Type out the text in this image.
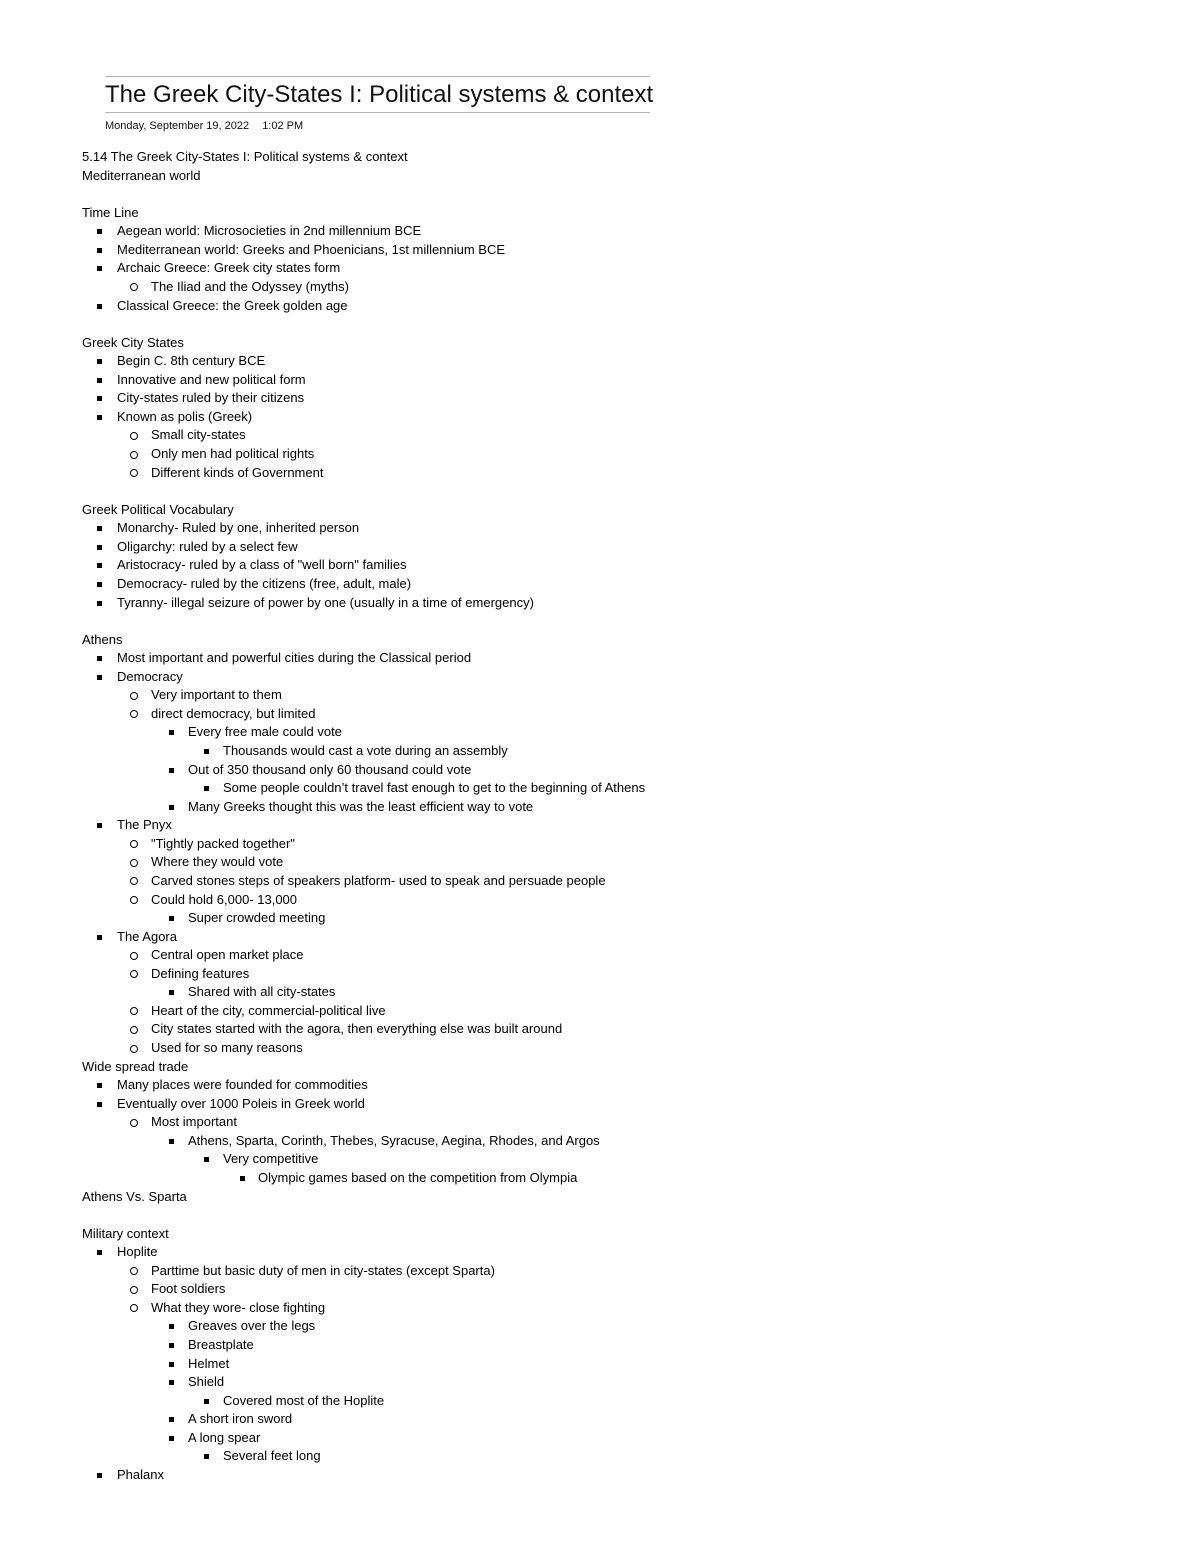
The Greek City-States I: Political systems & context
Monday, September 19, 2022 1:02 PM
5.14 The Greek City-States I: Political systems & context
Mediterranean world
Time Line
Aegean world: Microsocieties in 2nd millennium BCE
Mediterranean world: Greeks and Phoenicians, 1st millennium BCE
Archaic Greece: Greek city states form
The Iliad and the Odyssey (myths)
Classical Greece: the Greek golden age
Greek City States
Begin C. 8th century BCE
Innovative and new political form
City-states ruled by their citizens
Known as polis (Greek)
Small city-states
Only men had political rights
Different kinds of Government
Greek Political Vocabulary
Monarchy- Ruled by one, inherited person
Oligarchy: ruled by a select few
Aristocracy- ruled by a class of "well born" families
Democracy- ruled by the citizens (free, adult, male)
Tyranny- illegal seizure of power by one (usually in a time of emergency)
Athens
Most important and powerful cities during the Classical period
Democracy
Very important to them
direct democracy, but limited
Every free male could vote
Thousands would cast a vote during an assembly
Out of 350 thousand only 60 thousand could vote
Some people couldn’t travel fast enough to get to the beginning of Athens
Many Greeks thought this was the least efficient way to vote
The Pnyx
"Tightly packed together"
Where they would vote
Carved stones steps of speakers platform- used to speak and persuade people
Could hold 6,000- 13,000
Super crowded meeting
The Agora
Central open market place
Defining features
Shared with all city-states
Heart of the city, commercial-political live
City states started with the agora, then everything else was built around
Used for so many reasons
Wide spread trade
Many places were founded for commodities
Eventually over 1000 Poleis in Greek world
Most important
Athens, Sparta, Corinth, Thebes, Syracuse, Aegina, Rhodes, and Argos
Very competitive
Olympic games based on the competition from Olympia
Athens Vs. Sparta
Military context
Hoplite
Parttime but basic duty of men in city-states (except Sparta)
Foot soldiers
What they wore- close fighting
Greaves over the legs
Breastplate
Helmet
Shield
Covered most of the Hoplite
A short iron sword
A long spear
Several feet long
Phalanx
